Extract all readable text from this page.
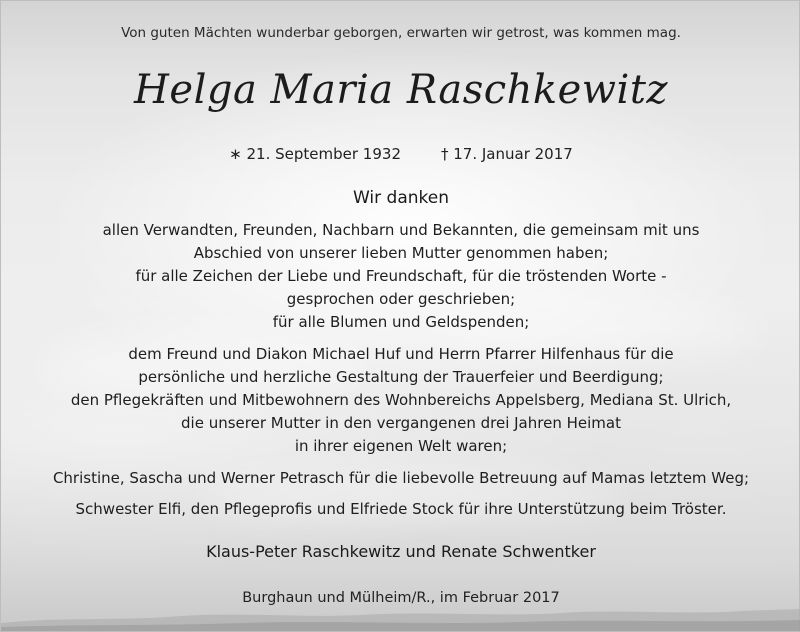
Von guten Mächten wunderbar geborgen, erwarten wir getrost, was kommen mag.
Helga Maria Raschkewitz
∗ 21. September 1932	† 17. Januar 2017
Wir danken
allen Verwandten, Freunden, Nachbarn und Bekannten, die gemeinsam mit uns
Abschied von unserer lieben Mutter genommen haben;
für alle Zeichen der Liebe und Freundschaft, für die tröstenden Worte -
gesprochen oder geschrieben;
für alle Blumen und Geldspenden;
dem Freund und Diakon Michael Huf und Herrn Pfarrer Hilfenhaus für die
persönliche und herzliche Gestaltung der Trauerfeier und Beerdigung;
den Pflegekräften und Mitbewohnern des Wohnbereichs Appelsberg, Mediana St. Ulrich,
die unserer Mutter in den vergangenen drei Jahren Heimat
in ihrer eigenen Welt waren;
Christine, Sascha und Werner Petrasch für die liebevolle Betreuung auf Mamas letztem Weg;
Schwester Elfi, den Pflegeprofis und Elfriede Stock für ihre Unterstützung beim Tröster.
Klaus-Peter Raschkewitz und Renate Schwentker
Burghaun und Mülheim/R., im Februar 2017
